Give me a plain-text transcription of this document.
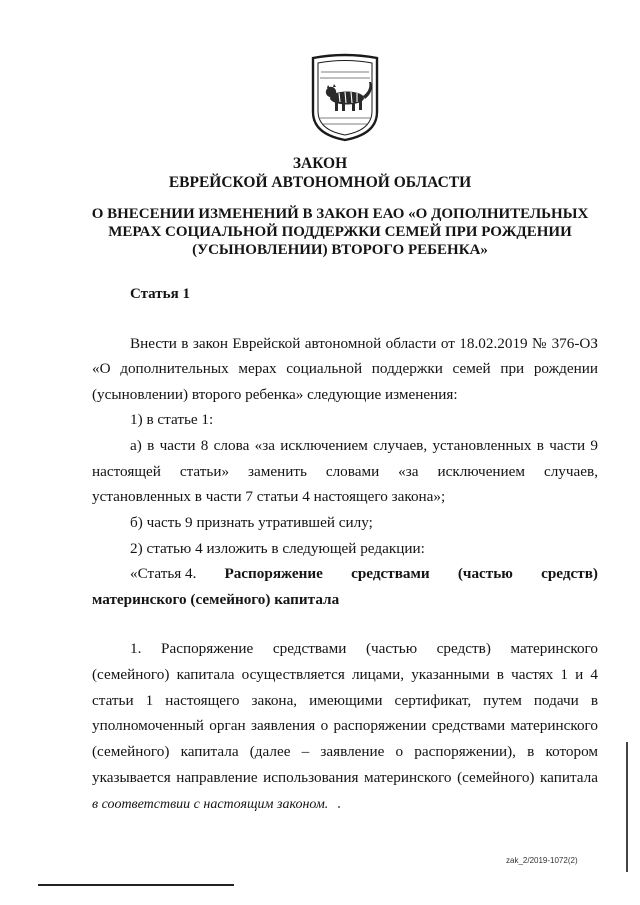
ЗАКОН

ЕВРЕЙСКОЙ АВТОНОМНОЙ ОБЛАСТИ

О ВНЕСЕНИИ ИЗМЕНЕНИЙ В ЗАКОН ЕАО «О ДОПОЛНИТЕЛЬНЫХ

МЕРАХ СОЦИАЛЬНОЙ ПОДДЕРЖКИ СЕМЕЙ ПРИ РОЖДЕНИИ

(УСЫНОВЛЕНИИ) ВТОРОГО РЕБЕНКА»

Статья 1

Внести в закон Еврейской автономной области от 18.02.2019 № 376-ОЗ

«О дополнительных мерах социальной поддержки семей при рождении

(усыновлении) второго ребенка» следующие изменения:

1) в статье 1:

а) в части 8 слова «за исключением случаев, установленных в части 9

настоящей статьи» заменить словами «за исключением случаев,

установленных в части 7 статьи 4 настоящего закона»;

б) часть 9 признать утратившей силу;

2) статью 4 изложить в следующей редакции:

«Статья 4. Распоряжение средствами (частью средств)

материнского (семейного) капитала

1. Распоряжение средствами (частью средств) материнского

(семейного) капитала осуществляется лицами, указанными в частях 1 и 4

статьи 1 настоящего закона, имеющими сертификат, путем подачи в

уполномоченный орган заявления о распоряжении средствами материнского

(семейного) капитала (далее – заявление о распоряжении), в котором

указывается направление использования материнского (семейного) капитала

в соответствии с настоящим законом.

zak_2/2019-1072(2)
